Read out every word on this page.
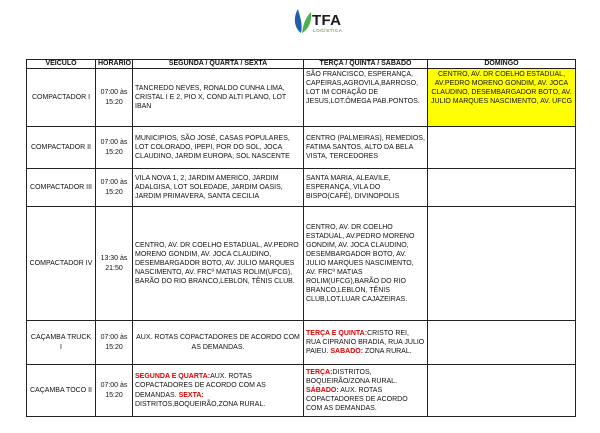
TFA
LOGÍSTICA
VEICULO	HORARIO	SEGUNDA / QUARTA / SEXTA	TERÇA / QUINTA / SABADO	DOMINGO
COMPACTADOR I	07:00 às 15:20	TANCREDO NEVES, RONALDO CUNHA LIMA, CRISTAL I E 2, PIO X, COND ALTI PLANO, LOT IBAN	SÃO FRANCISCO, ESPERANÇA, CAPEIRAS,AGROVILA,BARROSO, LOT IM CORAÇÃO DE JESUS,LOT.ÔMEGA PAB.PONTOS.	CENTRO, AV. DR COELHO ESTADUAL, AV.PEDRO MORENO GONDIM, AV. JOCA CLAUDINO, DESEMBARGADOR BOTO, AV. JULIO MARQUES NASCIMENTO, AV. UFCG
COMPACTADOR II	07:00 às 15:20	MUNICIPIOS, SÃO JOSÉ, CASAS POPULARES, LOT COLORADO, IPEPI, POR DO SOL, JOCA CLAUDINO, JARDIM EUROPA, SOL NASCENTE	CENTRO (PALMEIRAS), REMEDIOS, FATIMA SANTOS, ALTO DA BELA VISTA, TERCEDORES	
COMPACTADOR III	07:00 às 15:20	VILA NOVA 1, 2, JARDIM AMERICO, JARDIM ADALGISA, LOT SOLEDADE, JARDIM OASIS, JARDIM PRIMAVERA, SANTA CECILIA	SANTA MARIA, ALEAVILE, ESPERANÇA, VILA DO BISPO(CAFÉ), DIVINOPOLIS	
COMPACTADOR IV	13:30 às 21:50	CENTRO, AV. DR COELHO ESTADUAL, AV.PEDRO MORENO GONDIM, AV. JOCA CLAUDINO, DESEMBARGADOR BOTO, AV. JULIO MARQUES NASCIMENTO, AV. FRCº MATIAS ROLIM(UFCG), BARÃO DO RIO BRANCO,LEBLON, TÊNIS CLUB.	CENTRO, AV. DR COELHO ESTADUAL, AV.PEDRO MORENO GONDIM, AV. JOCA CLAUDINO, DESEMBARGADOR BOTO, AV. JULIO MARQUES NASCIMENTO, AV. FRCº MATIAS ROLIM(UFCG),BARÃO DO RIO BRANCO,LEBLON, TÊNIS CLUB,LOT.LUAR CAJAZEIRAS.	
CAÇAMBA TRUCK I	07:00 às 15:20	AUX. ROTAS COPACTADORES DE ACORDO COM AS DEMANDAS.	TERÇA E QUINTA:CRISTO REI, RUA CIPRANIO BRADIA, RUA JULIO PAIEU. SABADO: ZONA RURAL.	
CAÇAMBA TOCO II	07:00 às 15:20	SEGUNDA E QUARTA:AUX. ROTAS COPACTADORES DE ACORDO COM AS DEMANDAS. SEXTA: DISTRITOS,BOQUEIRÃO,ZONA RURAL.	TERÇA:DISTRITOS, BOQUEIRÃO/ZONA RURAL. SÁBADO: AUX. ROTAS COPACTADORES DE ACORDO COM AS DEMANDAS.	
